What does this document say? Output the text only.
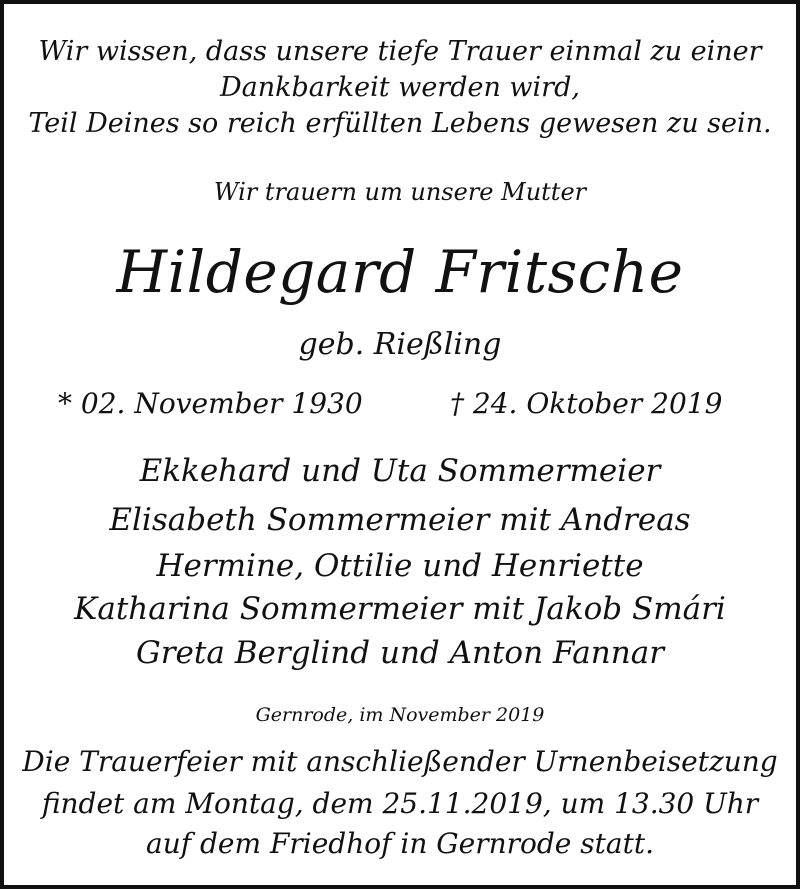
Wir wissen, dass unsere tiefe Trauer einmal zu einer
Dankbarkeit werden wird,
Teil Deines so reich erfüllten Lebens gewesen zu sein.
Wir trauern um unsere Mutter
Hildegard Fritsche
geb. Rießling
* 02. November 1930	† 24. Oktober 2019
Ekkehard und Uta Sommermeier
Elisabeth Sommermeier mit Andreas
Hermine, Ottilie und Henriette
Katharina Sommermeier mit Jakob Smári
Greta Berglind und Anton Fannar
Gernrode, im November 2019
Die Trauerfeier mit anschließender Urnenbeisetzung
findet am Montag, dem 25.11.2019, um 13.30 Uhr
auf dem Friedhof in Gernrode statt.
